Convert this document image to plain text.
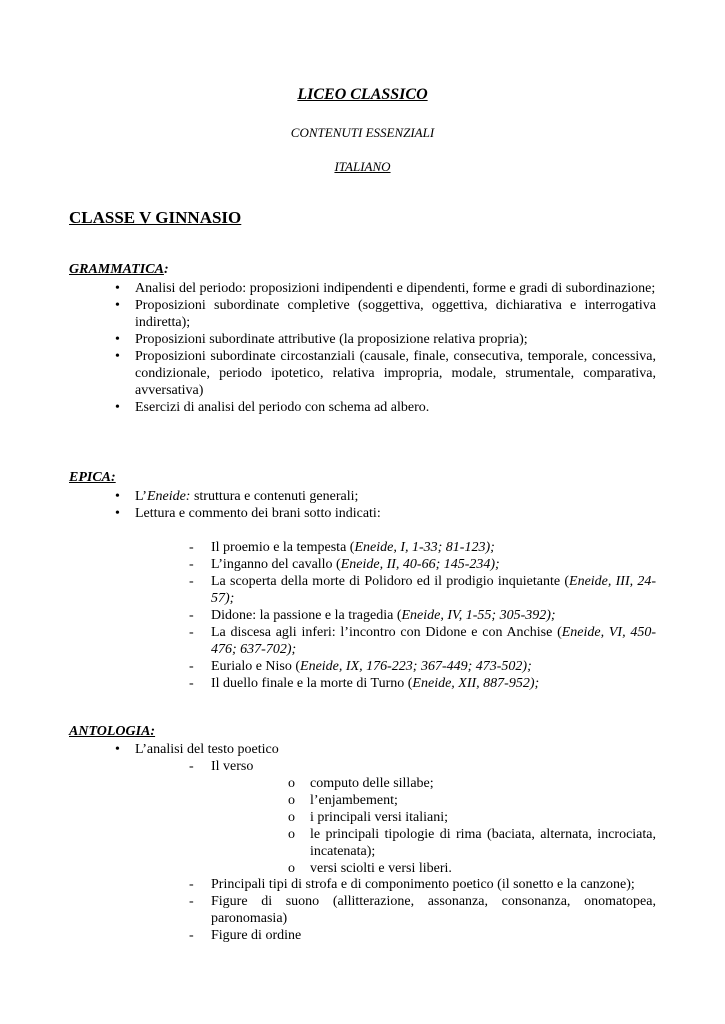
LICEO CLASSICO
CONTENUTI ESSENZIALI
ITALIANO
CLASSE V GINNASIO
GRAMMATICA:
• Analisi del periodo: proposizioni indipendenti e dipendenti, forme e gradi di subordinazione;
• Proposizioni subordinate completive (soggettiva, oggettiva, dichiarativa e interrogativa indiretta);
• Proposizioni subordinate attributive (la proposizione relativa propria);
• Proposizioni subordinate circostanziali (causale, finale, consecutiva, temporale, concessiva, condizionale, periodo ipotetico, relativa impropria, modale, strumentale, comparativa, avversativa)
• Esercizi di analisi del periodo con schema ad albero.
EPICA:
• L’Eneide: struttura e contenuti generali;
• Lettura e commento dei brani sotto indicati:
- Il proemio e la tempesta (Eneide, I, 1-33; 81-123);
- L’inganno del cavallo (Eneide, II, 40-66; 145-234);
- La scoperta della morte di Polidoro ed il prodigio inquietante (Eneide, III, 24-57);
- Didone: la passione e la tragedia (Eneide, IV, 1-55; 305-392);
- La discesa agli inferi: l’incontro con Didone e con Anchise (Eneide, VI, 450-476; 637-702);
- Eurialo e Niso (Eneide, IX, 176-223; 367-449; 473-502);
- Il duello finale e la morte di Turno (Eneide, XII, 887-952);
ANTOLOGIA:
• L’analisi del testo poetico
- Il verso
o computo delle sillabe;
o l’enjambement;
o i principali versi italiani;
o le principali tipologie di rima (baciata, alternata, incrociata, incatenata);
o versi sciolti e versi liberi.
- Principali tipi di strofa e di componimento poetico (il sonetto e la canzone);
- Figure di suono (allitterazione, assonanza, consonanza, onomatopea, paronomasia)
- Figure di ordine
